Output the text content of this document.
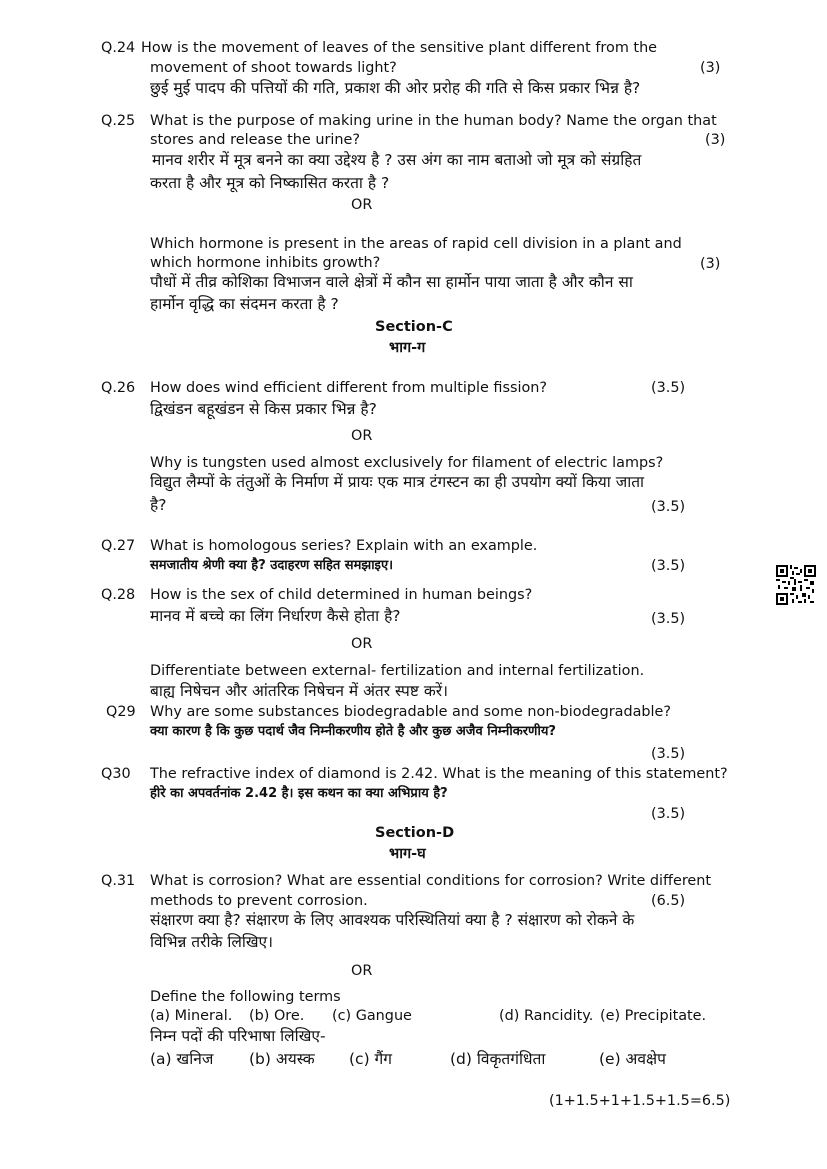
Q.24 How is the movement of leaves of the sensitive plant different from the
movement of shoot towards light?	(3)
छुई मुई पादप की पत्तियों की गति, प्रकाश की ओर प्ररोह की गति से किस प्रकार भिन्न है?
Q.25 What is the purpose of making urine in the human body? Name the organ that
stores and release the urine?	(3)
मानव शरीर में मूत्र बनने का क्या उद्देश्य है ? उस अंग का नाम बताओ जो मूत्र को संग्रहित
करता है और मूत्र को निष्कासित करता है ?
OR
Which hormone is present in the areas of rapid cell division in a plant and
which hormone inhibits growth?	(3)
पौधों में तीव्र कोशिका विभाजन वाले क्षेत्रों में कौन सा हार्मोन पाया जाता है और कौन सा
हार्मोन वृद्धि का संदमन करता है ?
Section-C
भाग-ग
Q.26 How does wind efficient different from multiple fission?	(3.5)
द्विखंडन बहूखंडन से किस प्रकार भिन्न है?
OR
Why is tungsten used almost exclusively for filament of electric lamps?
विद्युत लैम्पों के तंतुओं के निर्माण में प्रायः एक मात्र टंगस्टन का ही उपयोग क्यों किया जाता
है?	(3.5)
Q.27 What is homologous series? Explain with an example.
समजातीय श्रेणी क्या है? उदाहरण सहित समझाइए।	(3.5)
Q.28 How is the sex of child determined in human beings?
मानव में बच्चे का लिंग निर्धारण कैसे होता है?	(3.5)
OR
Differentiate between external- fertilization and internal fertilization.
बाह्य निषेचन और आंतरिक निषेचन में अंतर स्पष्ट करें।
Q29 Why are some substances biodegradable and some non-biodegradable?
क्या कारण है कि कुछ पदार्थ जैव निम्नीकरणीय होते है और कुछ अजैव निम्नीकरणीय?
(3.5)
Q30 The refractive index of diamond is 2.42. What is the meaning of this statement?
हीरे का अपवर्तनांक 2.42 है। इस कथन का क्या अभिप्राय है?
(3.5)
Section-D
भाग-घ
Q.31 What is corrosion? What are essential conditions for corrosion? Write different
methods to prevent corrosion.	(6.5)
संक्षारण क्या है? संक्षारण के लिए आवश्यक परिस्थितियां क्या है ? संक्षारण को रोकने के
विभिन्न तरीके लिखिए।
OR
Define the following terms
(a) Mineral. (b) Ore. (c) Gangue	(d) Rancidity. (e) Precipitate.
निम्न पदों की परिभाषा लिखिए-
(a) खनिज (b) अयस्क (c) गैंग	(d) विकृतगंधिता	(e) अवक्षेप
(1+1.5+1+1.5+1.5=6.5)
